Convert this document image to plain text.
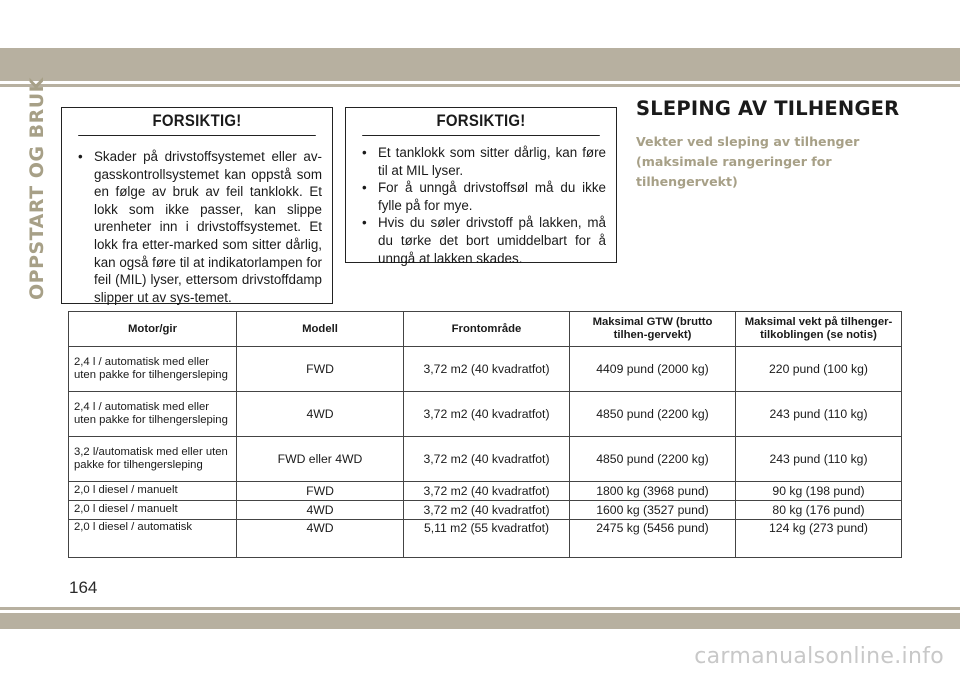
OPPSTART OG BRUK	FORSIKTIG!
• Skader på drivstoffsystemet eller av-gasskontrollsystemet kan oppstå som en følge av bruk av feil tanklokk. Et lokk som ikke passer, kan slippe urenheter inn i drivstoffsystemet. Et lokk fra etter-marked som sitter dårlig, kan også føre til at indikatorlampen for feil (MIL) lyser, ettersom drivstoffdamp slipper ut av sys-temet.
FORSIKTIG!
• Et tanklokk som sitter dårlig, kan føre til at MIL lyser.
• For å unngå drivstoffsøl må du ikke fylle på for mye.
• Hvis du søler drivstoff på lakken, må du tørke det bort umiddelbart for å unngå at lakken skades.
SLEPING AV TILHENGER
Vekter ved sleping av tilhenger (maksimale rangeringer for tilhengervekt)
Motor/gir	Modell	Frontområde	Maksimal GTW (brutto tilhen-gervekt)	Maksimal vekt på tilhenger-tilkoblingen (se notis)
2,4 l / automatisk med eller uten pakke for tilhengersleping	FWD	3,72 m2 (40 kvadratfot)	4409 pund (2000 kg)	220 pund (100 kg)
2,4 l / automatisk med eller uten pakke for tilhengersleping	4WD	3,72 m2 (40 kvadratfot)	4850 pund (2200 kg)	243 pund (110 kg)
3,2 l/automatisk med eller uten pakke for tilhengersleping	FWD eller 4WD	3,72 m2 (40 kvadratfot)	4850 pund (2200 kg)	243 pund (110 kg)
2,0 l diesel / manuelt	FWD	3,72 m2 (40 kvadratfot)	1800 kg (3968 pund)	90 kg (198 pund)
2,0 l diesel / manuelt	4WD	3,72 m2 (40 kvadratfot)	1600 kg (3527 pund)	80 kg (176 pund)
2,0 l diesel / automatisk	4WD	5,11 m2 (55 kvadratfot)	2475 kg (5456 pund)	124 kg (273 pund)
164
carmanualsonline.info
